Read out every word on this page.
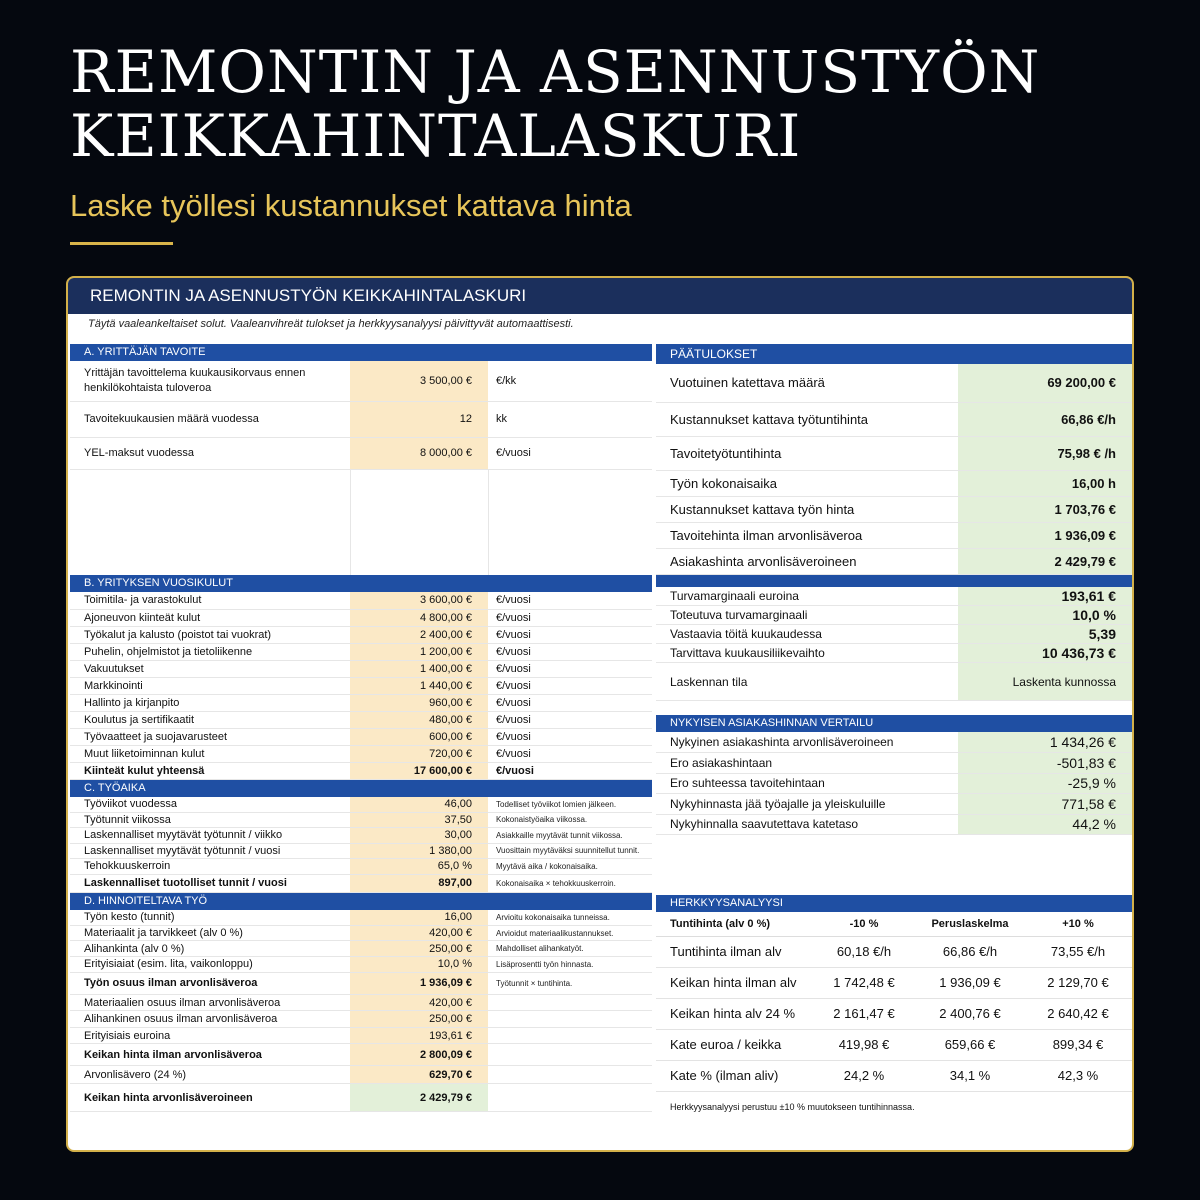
REMONTIN JA ASENNUSTYÖN
KEIKKAHINTALASKURI
Laske työllesi kustannukset kattava hinta
REMONTIN JA ASENNUSTYÖN KEIKKAHINTALASKURI
Täytä vaaleankeltaiset solut. Vaaleanvihreät tulokset ja herkkyysanalyysi päivittyvät automaattisesti.
A. YRITTÄJÄN TAVOITE
Yrittäjän tavoittelema kuukausikorvaus ennen henkilökohtaista tuloveroa	3 500,00 €	€/kk
Tavoitekuukausien määrä vuodessa	12	kk
YEL-maksut vuodessa	8 000,00 €	€/vuosi

B. YRITYKSEN VUOSIKULUT
Toimitila- ja varastokulut	3 600,00 €	€/vuosi
Ajoneuvon kiinteät kulut	4 800,00 €	€/vuosi
Työkalut ja kalusto (poistot tai vuokrat)	2 400,00 €	€/vuosi
Puhelin, ohjelmistot ja tietoliikenne	1 200,00 €	€/vuosi
Vakuutukset	1 400,00 €	€/vuosi
Markkinointi	1 440,00 €	€/vuosi
Hallinto ja kirjanpito	960,00 €	€/vuosi
Koulutus ja sertifikaatit	480,00 €	€/vuosi
Työvaatteet ja suojavarusteet	600,00 €	€/vuosi
Muut liiketoiminnan kulut	720,00 €	€/vuosi
Kiinteät kulut yhteensä	17 600,00 €	€/vuosi
C. TYÖAIKA
Työviikot vuodessa	46,00	Todelliset työviikot lomien jälkeen.
Työtunnit viikossa	37,50	Kokonaistyöaika viikossa.
Laskennalliset myytävät työtunnit / viikko	30,00	Asiakkaille myytävät tunnit viikossa.
Laskennalliset myytävät työtunnit / vuosi	1 380,00	Vuosittain myytäväksi suunnitellut tunnit.
Tehokkuuskerroin	65,0 %	Myytävä aika / kokonaisaika.
Laskennalliset tuotolliset tunnit / vuosi	897,00	Kokonaisaika × tehokkuuskerroin.
D. HINNOITELTAVA TYÖ
Työn kesto (tunnit)	16,00	Arvioitu kokonaisaika tunneissa.
Materiaalit ja tarvikkeet (alv 0 %)	420,00 €	Arvioidut materiaalikustannukset.
Alihankinta (alv 0 %)	250,00 €	Mahdolliset alihankatyöt.
Erityisiaiat (esim. lita, vaikonloppu)	10,0 %	Lisäprosentti työn hinnasta.
Työn osuus ilman arvonlisäveroa	1 936,09 €	Työtunnit × tuntihinta.
Materiaalien osuus ilman arvonlisäveroa	420,00 €	
Alihankinen osuus ilman arvonlisäveroa	250,00 €	
Erityisiais euroina	193,61 €	
Keikan hinta ilman arvonlisäveroa	2 800,09 €	
Arvonlisävero (24 %)	629,70 €	
Keikan hinta arvonlisäveroineen	2 429,79 €	
PÄÄTULOKSET
Vuotuinen katettava määrä	69 200,00 €
Kustannukset kattava työtuntihinta	66,86 €/h
Tavoitetyötuntihinta	75,98 € /h
Työn kokonaisaika	16,00 h
Kustannukset kattava työn hinta	1 703,76 €
Tavoitehinta ilman arvonlisäveroa	1 936,09 €
Asiakashinta arvonlisäveroineen	2 429,79 €
Turvamarginaali euroina	193,61 €
Toteutuva turvamarginaali	10,0 %
Vastaavia töitä kuukaudessa	5,39
Tarvittava kuukausiliikevaihto	10 436,73 €
Laskennan tila	Laskenta kunnossa
NYKYISEN ASIAKASHINNAN VERTAILU
Nykyinen asiakashinta arvonlisäveroineen	1 434,26 €
Ero asiakashintaan	-501,83 €
Ero suhteessa tavoitehintaan	-25,9 %
Nykyhinnasta jää työajalle ja yleiskuluille	771,58 €
Nykyhinnalla saavutettava katetaso	44,2 %
HERKKYYSANALYYSI
Tuntihinta (alv 0 %)	-10 %	Peruslaskelma	+10 %
Tuntihinta ilman alv	60,18 €/h	66,86 €/h	73,55 €/h
Keikan hinta ilman alv	1 742,48 €	1 936,09 €	2 129,70 €
Keikan hinta alv 24 %	2 161,47 €	2 400,76 €	2 640,42 €
Kate euroa / keikka	419,98 €	659,66 €	899,34 €
Kate % (ilman aliv)	24,2 %	34,1 %	42,3 %
Herkkyysanalyysi perustuu ±10 % muutokseen tuntihinnassa.
